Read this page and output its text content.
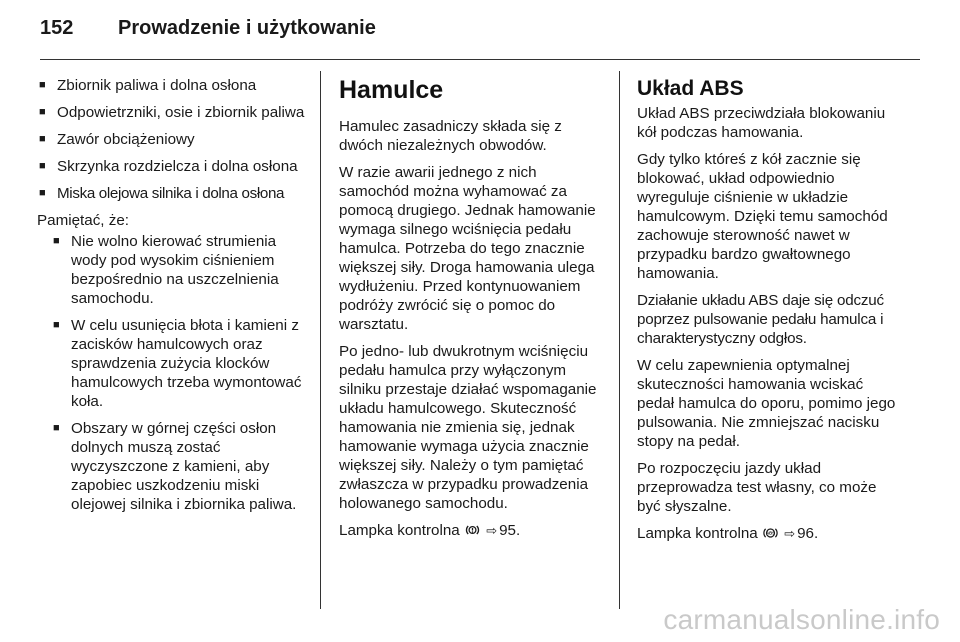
152 Prowadzenie i użytkowanie
■ Zbiornik paliwa i dolna osłona
■ Odpowietrzniki, osie i zbiornik paliwa
■ Zawór obciążeniowy
■ Skrzynka rozdzielcza i dolna osłona
■ Miska olejowa silnika i dolna osłona
Pamiętać, że:
■ Nie wolno kierować strumienia wody pod wysokim ciśnieniem bezpośrednio na uszczelnienia samochodu.
■ W celu usunięcia błota i kamieni z zacisków hamulcowych oraz sprawdzenia zużycia klocków hamulcowych trzeba wymontować koła.
■ Obszary w górnej części osłon dolnych muszą zostać wyczyszczone z kamieni, aby zapobiec uszkodzeniu miski olejowej silnika i zbiornika paliwa.
Hamulce
Hamulec zasadniczy składa się z dwóch niezależnych obwodów.
W razie awarii jednego z nich samochód można wyhamować za pomocą drugiego. Jednak hamowanie wymaga silnego wciśnięcia pedału hamulca. Potrzeba do tego znacznie większej siły. Droga hamowania ulega wydłużeniu. Przed kontynuowaniem podróży zwrócić się o pomoc do warsztatu.
Po jedno- lub dwukrotnym wciśnięciu pedału hamulca przy wyłączonym silniku przestaje działać wspomaganie układu hamulcowego. Skuteczność hamowania nie zmienia się, jednak hamowanie wymaga użycia znacznie większej siły. Należy o tym pamiętać zwłaszcza w przypadku prowadzenia holowanego samochodu.
Lampka kontrolna ⇨ 95.
Układ ABS
Układ ABS przeciwdziała blokowaniu kół podczas hamowania.
Gdy tylko któreś z kół zacznie się blokować, układ odpowiednio wyreguluje ciśnienie w układzie hamulcowym. Dzięki temu samochód zachowuje sterowność nawet w przypadku bardzo gwałtownego hamowania.
Działanie układu ABS daje się odczuć poprzez pulsowanie pedału hamulca i charakterystyczny odgłos.
W celu zapewnienia optymalnej skuteczności hamowania wciskać pedał hamulca do oporu, pomimo jego pulsowania. Nie zmniejszać nacisku stopy na pedał.
Po rozpoczęciu jazdy układ przeprowadza test własny, co może być słyszalne.
Lampka kontrolna ABS ⇨ 96.
carmanualsonline.info
